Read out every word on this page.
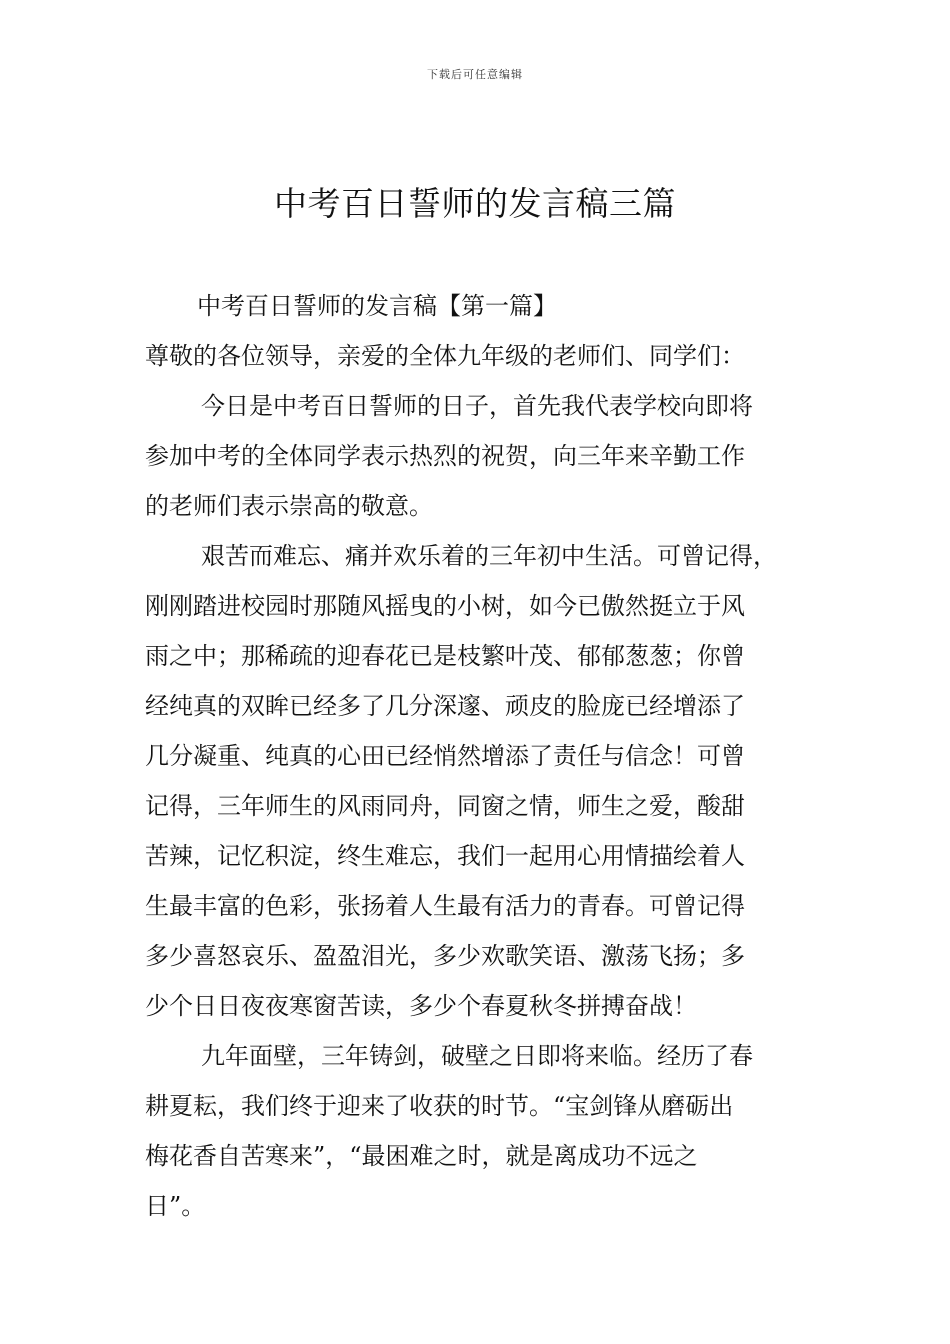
下载后可任意编辑
中考百日誓师的发言稿三篇
中考百日誓师的发言稿【第一篇】
尊敬的各位领导，亲爱的全体九年级的老师们、同学们：
今日是中考百日誓师的日子，首先我代表学校向即将
参加中考的全体同学表示热烈的祝贺，向三年来辛勤工作
的老师们表示崇高的敬意。
艰苦而难忘、痛并欢乐着的三年初中生活。可曾记得，
刚刚踏进校园时那随风摇曳的小树，如今已傲然挺立于风
雨之中；那稀疏的迎春花已是枝繁叶茂、郁郁葱葱；你曾
经纯真的双眸已经多了几分深邃、顽皮的脸庞已经增添了
几分凝重、纯真的心田已经悄然增添了责任与信念！可曾
记得，三年师生的风雨同舟，同窗之情，师生之爱，酸甜
苦辣，记忆积淀，终生难忘，我们一起用心用情描绘着人
生最丰富的色彩，张扬着人生最有活力的青春。可曾记得
多少喜怒哀乐、盈盈泪光，多少欢歌笑语、激荡飞扬；多
少个日日夜夜寒窗苦读，多少个春夏秋冬拼搏奋战！
九年面壁，三年铸剑，破壁之日即将来临。经历了春
耕夏耘，我们终于迎来了收获的时节。“宝剑锋从磨砺出
梅花香自苦寒来”，“最困难之时，就是离成功不远之
日”。
